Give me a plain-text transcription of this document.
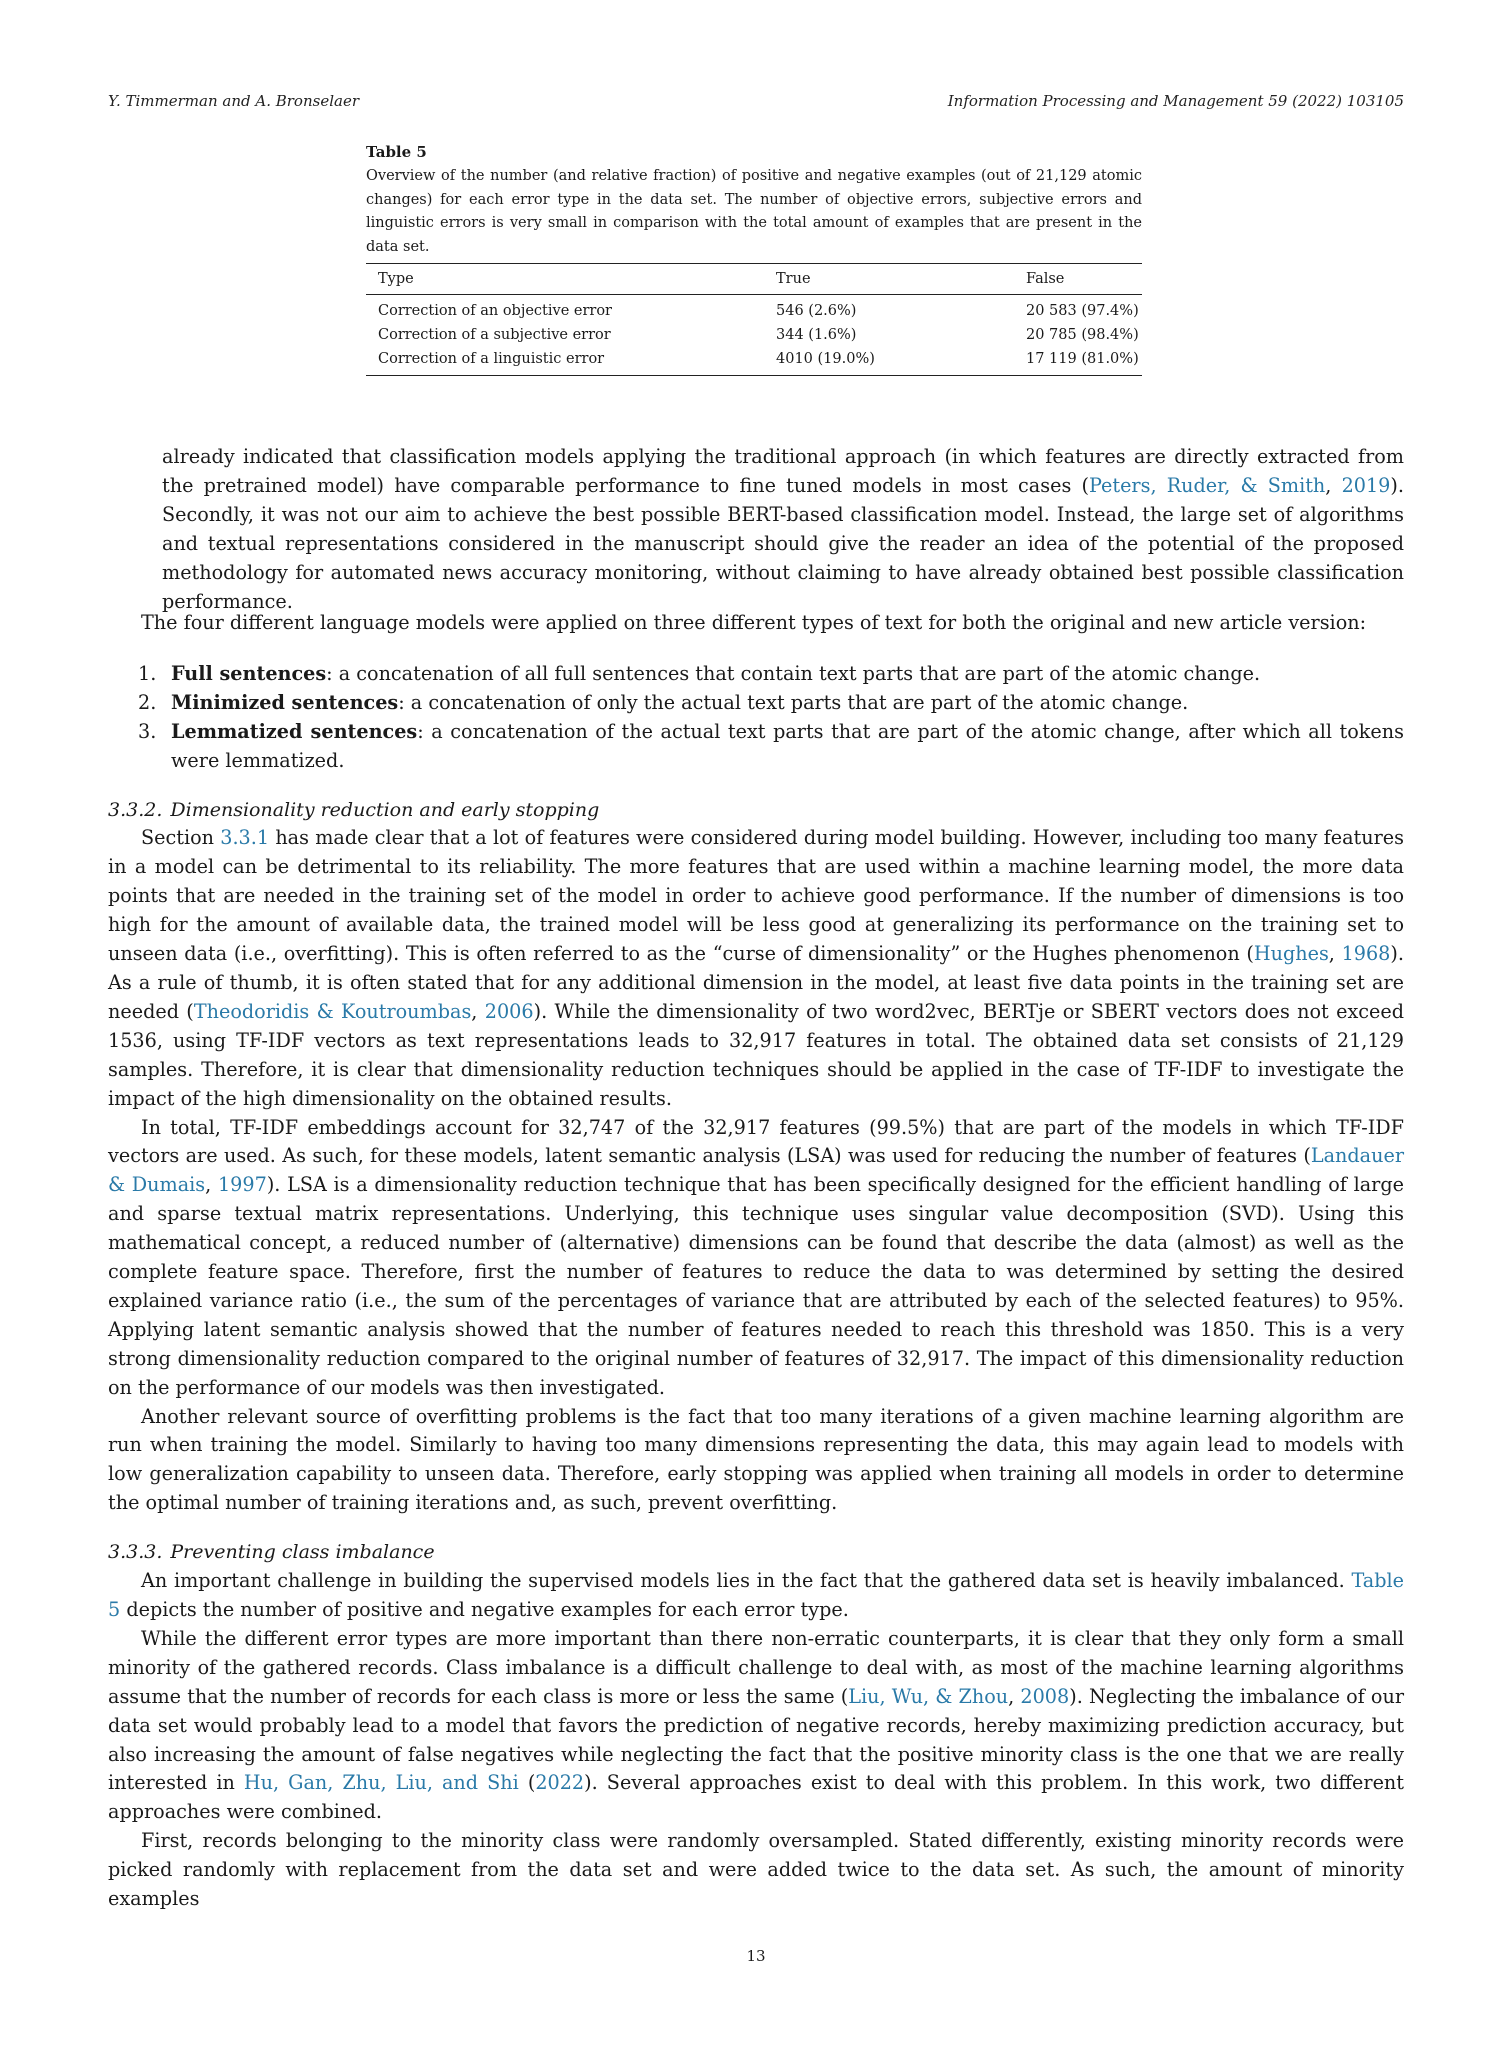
Y. Timmerman and A. Bronselaer	Information Processing and Management 59 (2022) 103105
Table 5
Overview of the number (and relative fraction) of positive and negative examples (out of 21,129 atomic changes) for each error type in the data set. The number of objective errors, subjective errors and linguistic errors is very small in comparison with the total amount of examples that are present in the data set.
Type	True	False
Correction of an objective error	546 (2.6%)	20 583 (97.4%)
Correction of a subjective error	344 (1.6%)	20 785 (98.4%)
Correction of a linguistic error	4010 (19.0%)	17 119 (81.0%)

already indicated that classification models applying the traditional approach (in which features are directly extracted from the pretrained model) have comparable performance to fine tuned models in most cases (Peters, Ruder, & Smith, 2019). Secondly, it was not our aim to achieve the best possible BERT-based classification model. Instead, the large set of algorithms and textual representations considered in the manuscript should give the reader an idea of the potential of the proposed methodology for automated news accuracy monitoring, without claiming to have already obtained best possible classification performance.

The four different language models were applied on three different types of text for both the original and new article version:

1. Full sentences: a concatenation of all full sentences that contain text parts that are part of the atomic change.
2. Minimized sentences: a concatenation of only the actual text parts that are part of the atomic change.
3. Lemmatized sentences: a concatenation of the actual text parts that are part of the atomic change, after which all tokens were lemmatized.
3.3.2. Dimensionality reduction and early stopping

Section 3.3.1 has made clear that a lot of features were considered during model building. However, including too many features in a model can be detrimental to its reliability. The more features that are used within a machine learning model, the more data points that are needed in the training set of the model in order to achieve good performance. If the number of dimensions is too high for the amount of available data, the trained model will be less good at generalizing its performance on the training set to unseen data (i.e., overfitting). This is often referred to as the “curse of dimensionality” or the Hughes phenomenon (Hughes, 1968). As a rule of thumb, it is often stated that for any additional dimension in the model, at least five data points in the training set are needed (Theodoridis & Koutroumbas, 2006). While the dimensionality of two word2vec, BERTje or SBERT vectors does not exceed 1536, using TF-IDF vectors as text representations leads to 32,917 features in total. The obtained data set consists of 21,129 samples. Therefore, it is clear that dimensionality reduction techniques should be applied in the case of TF-IDF to investigate the impact of the high dimensionality on the obtained results.

In total, TF-IDF embeddings account for 32,747 of the 32,917 features (99.5%) that are part of the models in which TF-IDF vectors are used. As such, for these models, latent semantic analysis (LSA) was used for reducing the number of features (Landauer & Dumais, 1997). LSA is a dimensionality reduction technique that has been specifically designed for the efficient handling of large and sparse textual matrix representations. Underlying, this technique uses singular value decomposition (SVD). Using this mathematical concept, a reduced number of (alternative) dimensions can be found that describe the data (almost) as well as the complete feature space. Therefore, first the number of features to reduce the data to was determined by setting the desired explained variance ratio (i.e., the sum of the percentages of variance that are attributed by each of the selected features) to 95%. Applying latent semantic analysis showed that the number of features needed to reach this threshold was 1850. This is a very strong dimensionality reduction compared to the original number of features of 32,917. The impact of this dimensionality reduction on the performance of our models was then investigated.

Another relevant source of overfitting problems is the fact that too many iterations of a given machine learning algorithm are run when training the model. Similarly to having too many dimensions representing the data, this may again lead to models with low generalization capability to unseen data. Therefore, early stopping was applied when training all models in order to determine the optimal number of training iterations and, as such, prevent overfitting.

3.3.3. Preventing class imbalance

An important challenge in building the supervised models lies in the fact that the gathered data set is heavily imbalanced. Table 5 depicts the number of positive and negative examples for each error type.

While the different error types are more important than there non-erratic counterparts, it is clear that they only form a small minority of the gathered records. Class imbalance is a difficult challenge to deal with, as most of the machine learning algorithms assume that the number of records for each class is more or less the same (Liu, Wu, & Zhou, 2008). Neglecting the imbalance of our data set would probably lead to a model that favors the prediction of negative records, hereby maximizing prediction accuracy, but also increasing the amount of false negatives while neglecting the fact that the positive minority class is the one that we are really interested in Hu, Gan, Zhu, Liu, and Shi (2022). Several approaches exist to deal with this problem. In this work, two different approaches were combined.

First, records belonging to the minority class were randomly oversampled. Stated differently, existing minority records were picked randomly with replacement from the data set and were added twice to the data set. As such, the amount of minority examples

13
